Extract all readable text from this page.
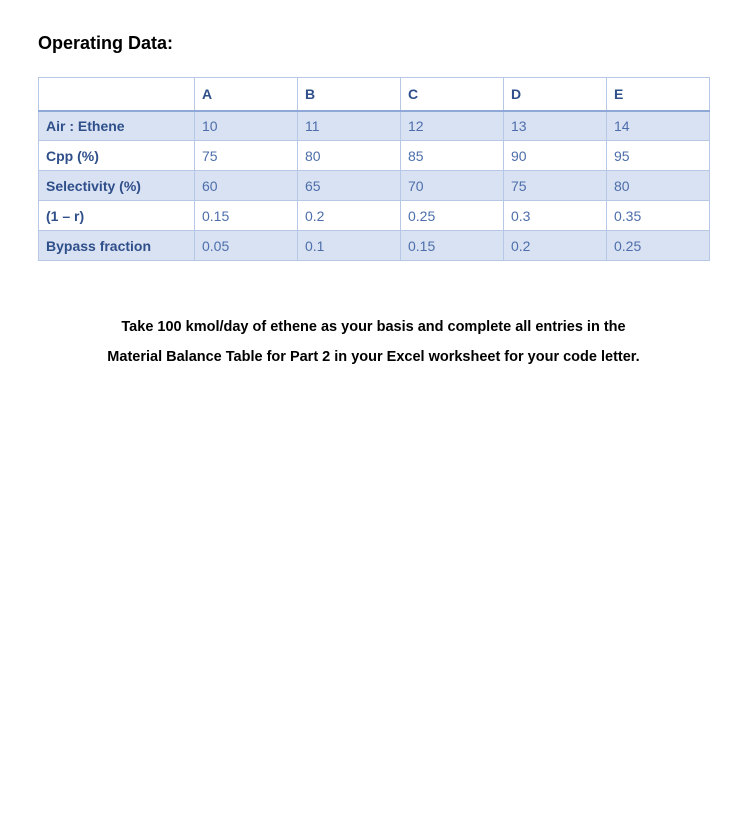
Operating Data:
	A	B	C	D	E
Air : Ethene	10	11	12	13	14
Cpp (%)	75	80	85	90	95
Selectivity (%)	60	65	70	75	80
(1 – r)	0.15	0.2	0.25	0.3	0.35
Bypass fraction	0.05	0.1	0.15	0.2	0.25

Take 100 kmol/day of ethene as your basis and complete all entries in the
Material Balance Table for Part 2 in your Excel worksheet for your code letter.
